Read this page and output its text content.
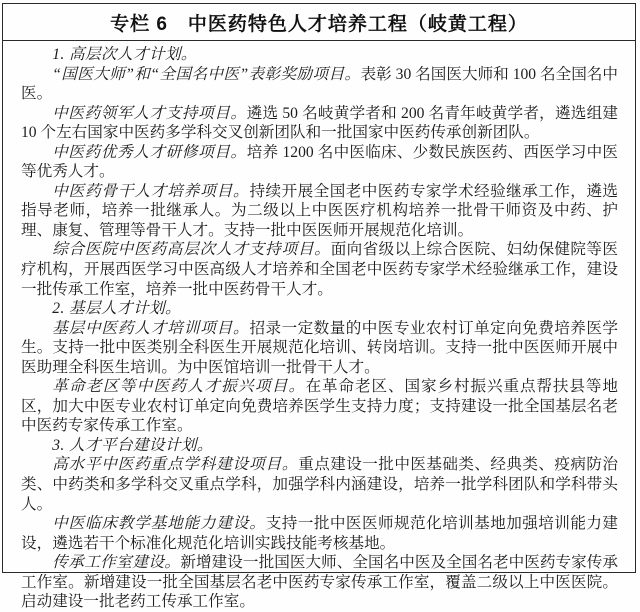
专栏 6　中医药特色人才培养工程（岐黄工程）

1. 高层次人才计划。

“国医大师”和“全国名中医”表彰奖励项目。表彰 30 名国医大师和 100 名全国名中医。

中医药领军人才支持项目。遴选 50 名岐黄学者和 200 名青年岐黄学者，遴选组建 10 个左右国家中医药多学科交叉创新团队和一批国家中医药传承创新团队。

中医药优秀人才研修项目。培养 1200 名中医临床、少数民族医药、西医学习中医等优秀人才。

中医药骨干人才培养项目。持续开展全国老中医药专家学术经验继承工作，遴选指导老师，培养一批继承人。为二级以上中医医疗机构培养一批骨干师资及中药、护理、康复、管理等骨干人才。支持一批中医医师开展规范化培训。

综合医院中医药高层次人才支持项目。面向省级以上综合医院、妇幼保健院等医疗机构，开展西医学习中医高级人才培养和全国老中医药专家学术经验继承工作，建设一批传承工作室，培养一批中医药骨干人才。

2. 基层人才计划。

基层中医药人才培训项目。招录一定数量的中医专业农村订单定向免费培养医学生。支持一批中医类别全科医生开展规范化培训、转岗培训。支持一批中医医师开展中医助理全科医生培训。为中医馆培训一批骨干人才。

革命老区等中医药人才振兴项目。在革命老区、国家乡村振兴重点帮扶县等地区，加大中医专业农村订单定向免费培养医学生支持力度；支持建设一批全国基层名老中医药专家传承工作室。

3. 人才平台建设计划。

高水平中医药重点学科建设项目。重点建设一批中医基础类、经典类、疫病防治类、中药类和多学科交叉重点学科，加强学科内涵建设，培养一批学科团队和学科带头人。

中医临床教学基地能力建设。支持一批中医医师规范化培训基地加强培训能力建设，遴选若干个标准化规范化培训实践技能考核基地。

传承工作室建设。新增建设一批国医大师、全国名中医及全国名老中医药专家传承工作室。新增建设一批全国基层名老中医药专家传承工作室，覆盖二级以上中医医院。启动建设一批老药工传承工作室。
